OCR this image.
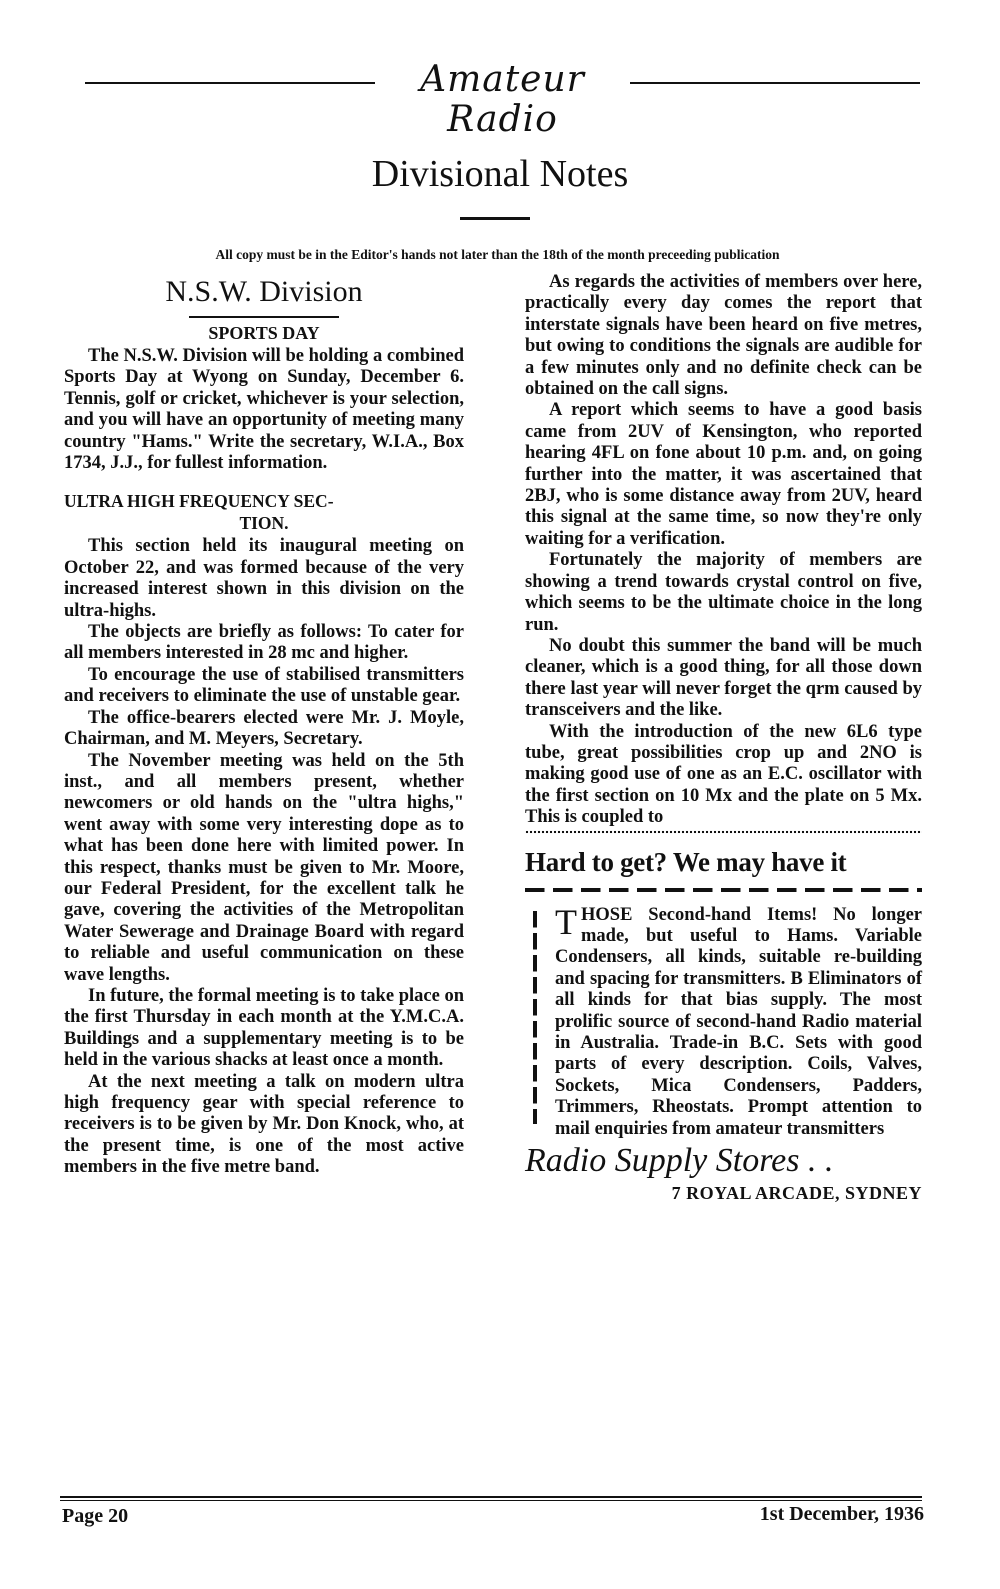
Amateur Radio
Divisional Notes
All copy must be in the Editor's hands not later than the 18th of the month preceeding publication
N.S.W. Division
SPORTS DAY

The N.S.W. Division will be holding a combined Sports Day at Wyong on Sunday, December 6. Tennis, golf or cricket, whichever is your selection, and you will have an opportunity of meeting many country "Hams." Write the secretary, W.I.A., Box 1734, J.J., for fullest information.

ULTRA HIGH FREQUENCY SEC-
TION.

This section held its inaugural meeting on October 22, and was formed because of the very increased interest shown in this division on the ultra-highs.

The objects are briefly as follows: To cater for all members interested in 28 mc and higher.

To encourage the use of stabilised transmitters and receivers to eliminate the use of unstable gear.

The office-bearers elected were Mr. J. Moyle, Chairman, and M. Meyers, Secretary.

The November meeting was held on the 5th inst., and all members present, whether newcomers or old hands on the "ultra highs," went away with some very interesting dope as to what has been done here with limited power. In this respect, thanks must be given to Mr. Moore, our Federal President, for the excellent talk he gave, covering the activities of the Metropolitan Water Sewerage and Drainage Board with regard to reliable and useful communication on these wave lengths.

In future, the formal meeting is to take place on the first Thursday in each month at the Y.M.C.A. Buildings and a supplementary meeting is to be held in the various shacks at least once a month.

At the next meeting a talk on modern ultra high frequency gear with special reference to receivers is to be given by Mr. Don Knock, who, at the present time, is one of the most active members in the five metre band.

As regards the activities of members over here, practically every day comes the report that interstate signals have been heard on five metres, but owing to conditions the signals are audible for a few minutes only and no definite check can be obtained on the call signs.

A report which seems to have a good basis came from 2UV of Kensington, who reported hearing 4FL on fone about 10 p.m. and, on going further into the matter, it was ascertained that 2BJ, who is some distance away from 2UV, heard this signal at the same time, so now they're only waiting for a verification.

Fortunately the majority of members are showing a trend towards crystal control on five, which seems to be the ultimate choice in the long run.

No doubt this summer the band will be much cleaner, which is a good thing, for all those down there last year will never forget the qrm caused by transceivers and the like.

With the introduction of the new 6L6 type tube, great possibilities crop up and 2NO is making good use of one as an E.C. oscillator with the first section on 10 Mx and the plate on 5 Mx. This is coupled to

Hard to get? We may have it

THOSE Second-hand Items! No longer made, but useful to Hams. Variable Condensers, all kinds, suitable re-building and spacing for transmitters. B Eliminators of all kinds for that bias supply. The most prolific source of second-hand Radio material in Australia. Trade-in B.C. Sets with good parts of every description. Coils, Valves, Sockets, Mica Condensers, Padders, Trimmers, Rheostats. Prompt attention to mail enquiries from amateur transmitters

Radio Supply Stores . .

7 ROYAL ARCADE, SYDNEY

Page 20	1st December, 1936
